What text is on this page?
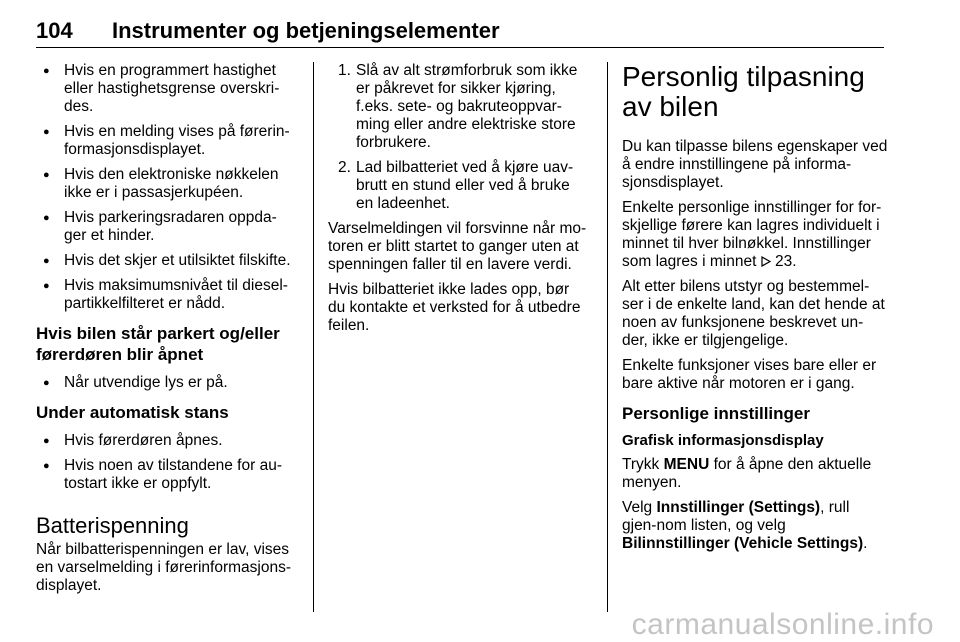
104 Instrumenter og betjeningselementer
● Hvis en programmert hastighet eller hastighetsgrense overskri-des.
● Hvis en melding vises på førerin-formasjonsdisplayet.
● Hvis den elektroniske nøkkelen ikke er i passasjerkupéen.
● Hvis parkeringsradaren oppda-ger et hinder.
● Hvis det skjer et utilsiktet filskifte.
● Hvis maksimumsnivået til diesel-partikkelfilteret er nådd.
Hvis bilen står parkert og/eller førerdøren blir åpnet
● Når utvendige lys er på.
Under automatisk stans
● Hvis førerdøren åpnes.
● Hvis noen av tilstandene for au-tostart ikke er oppfylt.
Batterispenning

Når bilbatterispenningen er lav, vises en varselmelding i førerinformasjons-displayet.

1. Slå av alt strømforbruk som ikke er påkrevet for sikker kjøring, f.eks. sete- og bakruteoppvar-ming eller andre elektriske store forbrukere.
2. Lad bilbatteriet ved å kjøre uav-brutt en stund eller ved å bruke en ladeenhet.

Varselmeldingen vil forsvinne når mo-toren er blitt startet to ganger uten at spenningen faller til en lavere verdi.

Hvis bilbatteriet ikke lades opp, bør du kontakte et verksted for å utbedre feilen.

Personlig tilpasning av bilen

Du kan tilpasse bilens egenskaper ved å endre innstillingene på informa-sjonsdisplayet.

Enkelte personlige innstillinger for for-skjellige førere kan lagres individuelt i minnet til hver bilnøkkel. Innstillinger som lagres i minnet 23.

Alt etter bilens utstyr og bestemmel-ser i de enkelte land, kan det hende at noen av funksjonene beskrevet un-der, ikke er tilgjengelige.

Enkelte funksjoner vises bare eller er bare aktive når motoren er i gang.

Personlige innstillinger
Grafisk informasjonsdisplay

Trykk MENU for å åpne den aktuelle menyen.

Velg Innstillinger (Settings), rull gjen-nom listen, og velg Bilinnstillinger (Vehicle Settings).

carmanualsonline.info
